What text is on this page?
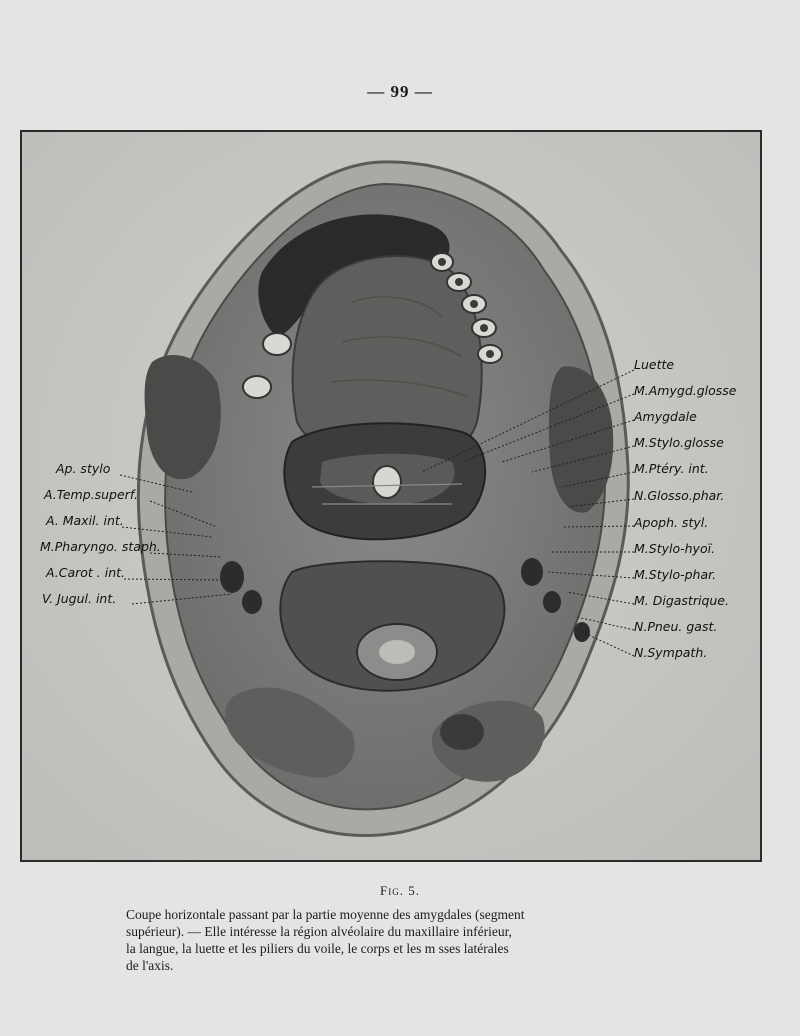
— 99 —
Ap. stylo
A.Temp.superf.
A. Maxil. int.
M.Pharyngo. staph.
A.Carot . int.
V. Jugul. int.
Luette
M.Amygd.glosse
Amygdale
M.Stylo.glosse
M.Ptéry. int.
N.Glosso.phar.
Apoph. styl.
M.Stylo-hyoï.
M.Stylo-phar.
M. Digastrique.
N.Pneu. gast.
N.Sympath.
Fig. 5.
Coupe horizontale passant par la partie moyenne des amygdales (segment
supérieur). — Elle intéresse la région alvéolaire du maxillaire inférieur,
la langue, la luette et les piliers du voile, le corps et les m sses latérales
de l'axis.
